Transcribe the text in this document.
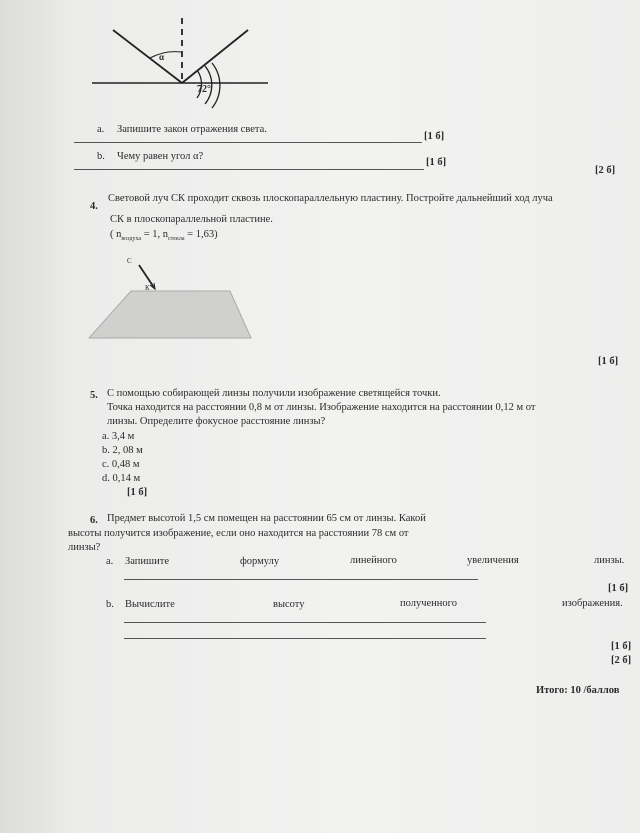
α
72°
a. Запишите закон отражения света.
[1 б]
b. Чему равен угол α?
[1 б]
[2 б]
4.
Световой луч СК проходит сквозь плоскопараллельную пластину. Постройте дальнейший ход луча
СК в плоскопараллельной пластине.
( $n_{воздуха} = 1$, $n_{стекла} = 1,63$)
С
К
[1 б]
5. С помощью собирающей линзы получили изображение светящейся точки.
Точка находится на расстоянии 0,8 м от линзы. Изображение находится на расстоянии 0,12 м от
линзы. Определите фокусное расстояние линзы?
a. 3,4 м
b. 2, 08 м
c. 0,48 м
d. 0,14 м
[1 б]
6. Предмет высотой 1,5 см помещен на расстоянии 65 см от линзы. Какой
высоты получится изображение, если оно находится на расстоянии 78 см от
линзы?
a. Запишите	формулу	линейного	увеличения	линзы.
[1 б]
b. Вычислите	высоту	полученного	изображения.
[1 б]
[2 б]
Итого: 10 /баллов
